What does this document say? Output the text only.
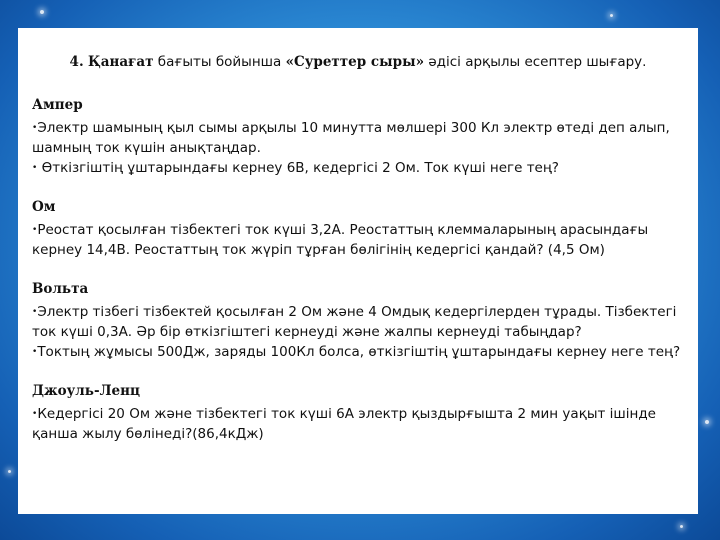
4. Қанағат бағыты бойынша «Суреттер сыры» әдісі арқылы есептер шығару.

Ампер

•Электр шамының қыл сымы арқылы 10 минутта мөлшері 300 Кл электр өтеді деп алып, шамның ток күшін анықтаңдар.

• Өткізгіштің ұштарындағы кернеу 6В, кедергісі 2 Ом. Ток күші неге тең?

Ом

•Реостат қосылған тізбектегі ток күші 3,2А. Реостаттың клеммаларының арасындағы кернеу 14,4В. Реостаттың ток жүріп тұрған бөлігінің кедергісі қандай? (4,5 Ом)

Вольта

•Электр тізбегі тізбектей қосылған 2 Ом және 4 Омдық кедергілерден тұрады. Тізбектегі ток күші 0,3А. Әр бір өткізгіштегі кернеуді және жалпы кернеуді табыңдар?

•Токтың жұмысы 500Дж, заряды 100Кл болса, өткізгіштің ұштарындағы кернеу неге тең?

Джоуль-Ленц

•Кедергісі 20 Ом және тізбектегі ток күші 6А электр қыздырғышта 2 мин уақыт ішінде қанша жылу бөлінеді?(86,4кДж)
